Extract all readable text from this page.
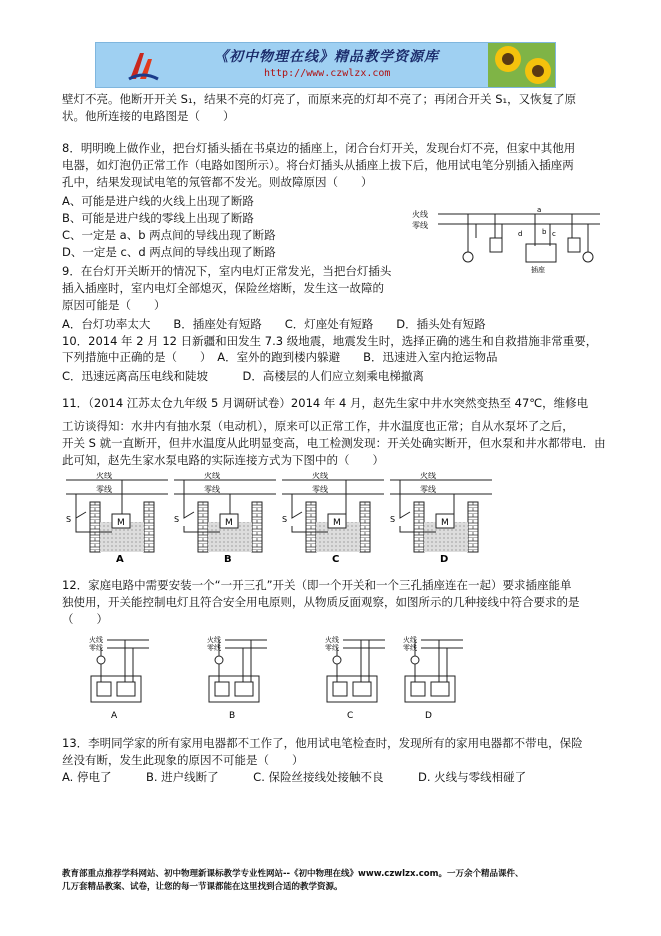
《初中物理在线》精品教学资源库
http://www.czwlzx.com
壁灯不亮。他断开开关 S₁，结果不亮的灯亮了，而原来亮的灯却不亮了；再闭合开关 S₁，又恢复了原
状。他所连接的电路图是（　　）
8．明明晚上做作业，把台灯插头插在书桌边的插座上，闭合台灯开关，发现台灯不亮，但家中其他用
电器，如灯泡仍正常工作（电路如图所示）。将台灯插头从插座上拔下后，他用试电笔分别插入插座两
孔中，结果发现试电笔的氖管都不发光。则故障原因（　　）
A、可能是进户线的火线上出现了断路
B、可能是进户线的零线上出现了断路
C、一定是 a、b 两点间的导线出现了断路
D、一定是 c、d 两点间的导线出现了断路
火线
零线
a
b
d	c
插座
9．在台灯开关断开的情况下，室内电灯正常发光，当把台灯插头
插入插座时，室内电灯全部熄灭，保险丝熔断，发生这一故障的
原因可能是（　　）
A．台灯功率太大　　B．插座处有短路　　C．灯座处有短路　　D．插头处有短路
10．2014 年 2 月 12 日新疆和田发生 7.3 级地震，地震发生时，选择正确的逃生和自救措施非常重要，
下列措施中正确的是（　　）　A．室外的跑到楼内躲避　　B．迅速进入室内抢运物品
C．迅速远离高压电线和陡坡　　　D．高楼层的人们应立刻乘电梯撤离
11．（2014 江苏太仓九年级 5 月调研试卷）2014 年 4 月，赵先生家中井水突然变热至 47℃，维修电
工访谈得知：水井内有抽水泵（电动机），原来可以正常工作，井水温度也正常；自从水泵坏了之后，
开关 S 就一直断开，但井水温度从此明显变高，电工检测发现：开关处确实断开，但水泵和井水都带电．由
此可知，赵先生家水泵电路的实际连接方式为下图中的（　　）
火线
零线
M
S
A
火线
零线
M
S
B
火线
零线
M
S
C
火线
零线
M
S
D
12．家庭电路中需要安装一个“一开三孔”开关（即一个开关和一个三孔插座连在一起）要求插座能单
独使用，开关能控制电灯且符合安全用电原则，从物质反面观察，如图所示的几种接线中符合要求的是
（　　）
火线
零线
A
火线
零线
B
火线
零线
C
火线
零线
D
13．李明同学家的所有家用电器都不工作了，他用试电笔检查时，发现所有的家用电器都不带电，保险
丝没有断，发生此现象的原因不可能是（　　）
A. 停电了　　　B. 进户线断了　　　C. 保险丝接线处接触不良　　　D. 火线与零线相碰了
教育部重点推荐学科网站、初中物理新课标教学专业性网站--《初中物理在线》www.czwlzx.com。一万余个精品课件、
几万套精品教案、试卷，让您的每一节课都能在这里找到合适的教学资源。
